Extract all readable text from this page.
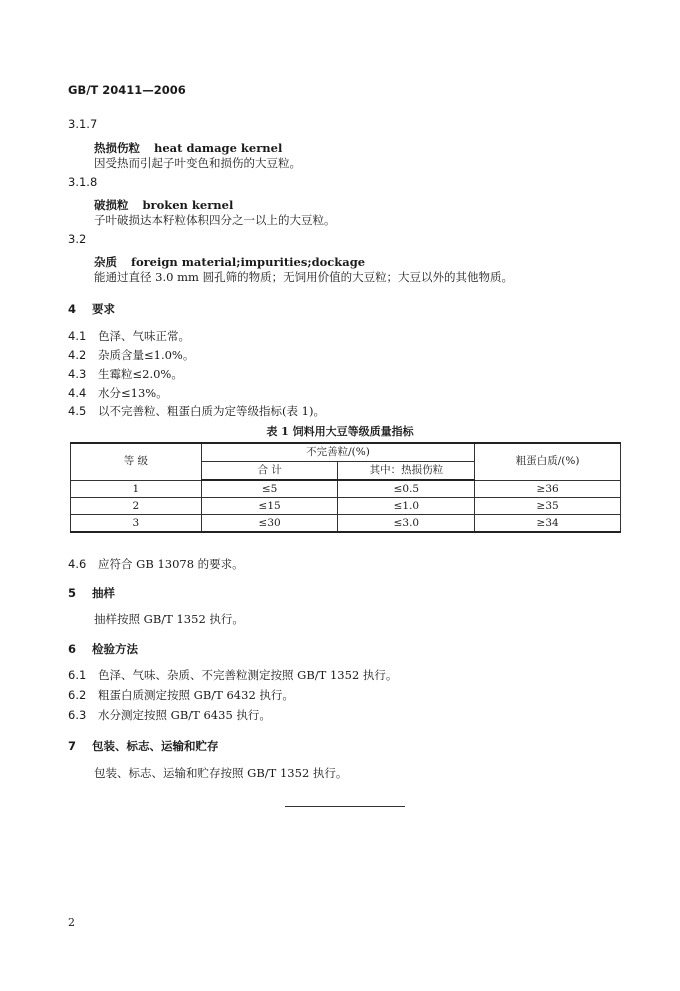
GB/T 20411—2006
3.1.7
热损伤粒 heat damage kernel
因受热而引起子叶变色和损伤的大豆粒。
3.1.8
破损粒 broken kernel
子叶破损达本籽粒体积四分之一以上的大豆粒。
3.2
杂质 foreign material;impurities;dockage
能通过直径 3.0 mm 圆孔筛的物质；无饲用价值的大豆粒；大豆以外的其他物质。
4 要求
4.1 色泽、气味正常。
4.2 杂质含量≤1.0%。
4.3 生霉粒≤2.0%。
4.4 水分≤13%。
4.5 以不完善粒、粗蛋白质为定等级指标(表 1)。
表 1 饲料用大豆等级质量指标
等 级	不完善粒/(%)		粗蛋白质/(%)
	合 计	其中：热损伤粒	
1	≤5	≤0.5	≥36
2	≤15	≤1.0	≥35
3	≤30	≤3.0	≥34
4.6 应符合 GB 13078 的要求。
5 抽样
抽样按照 GB/T 1352 执行。
6 检验方法
6.1 色泽、气味、杂质、不完善粒测定按照 GB/T 1352 执行。
6.2 粗蛋白质测定按照 GB/T 6432 执行。
6.3 水分测定按照 GB/T 6435 执行。
7 包装、标志、运输和贮存
包装、标志、运输和贮存按照 GB/T 1352 执行。
2
